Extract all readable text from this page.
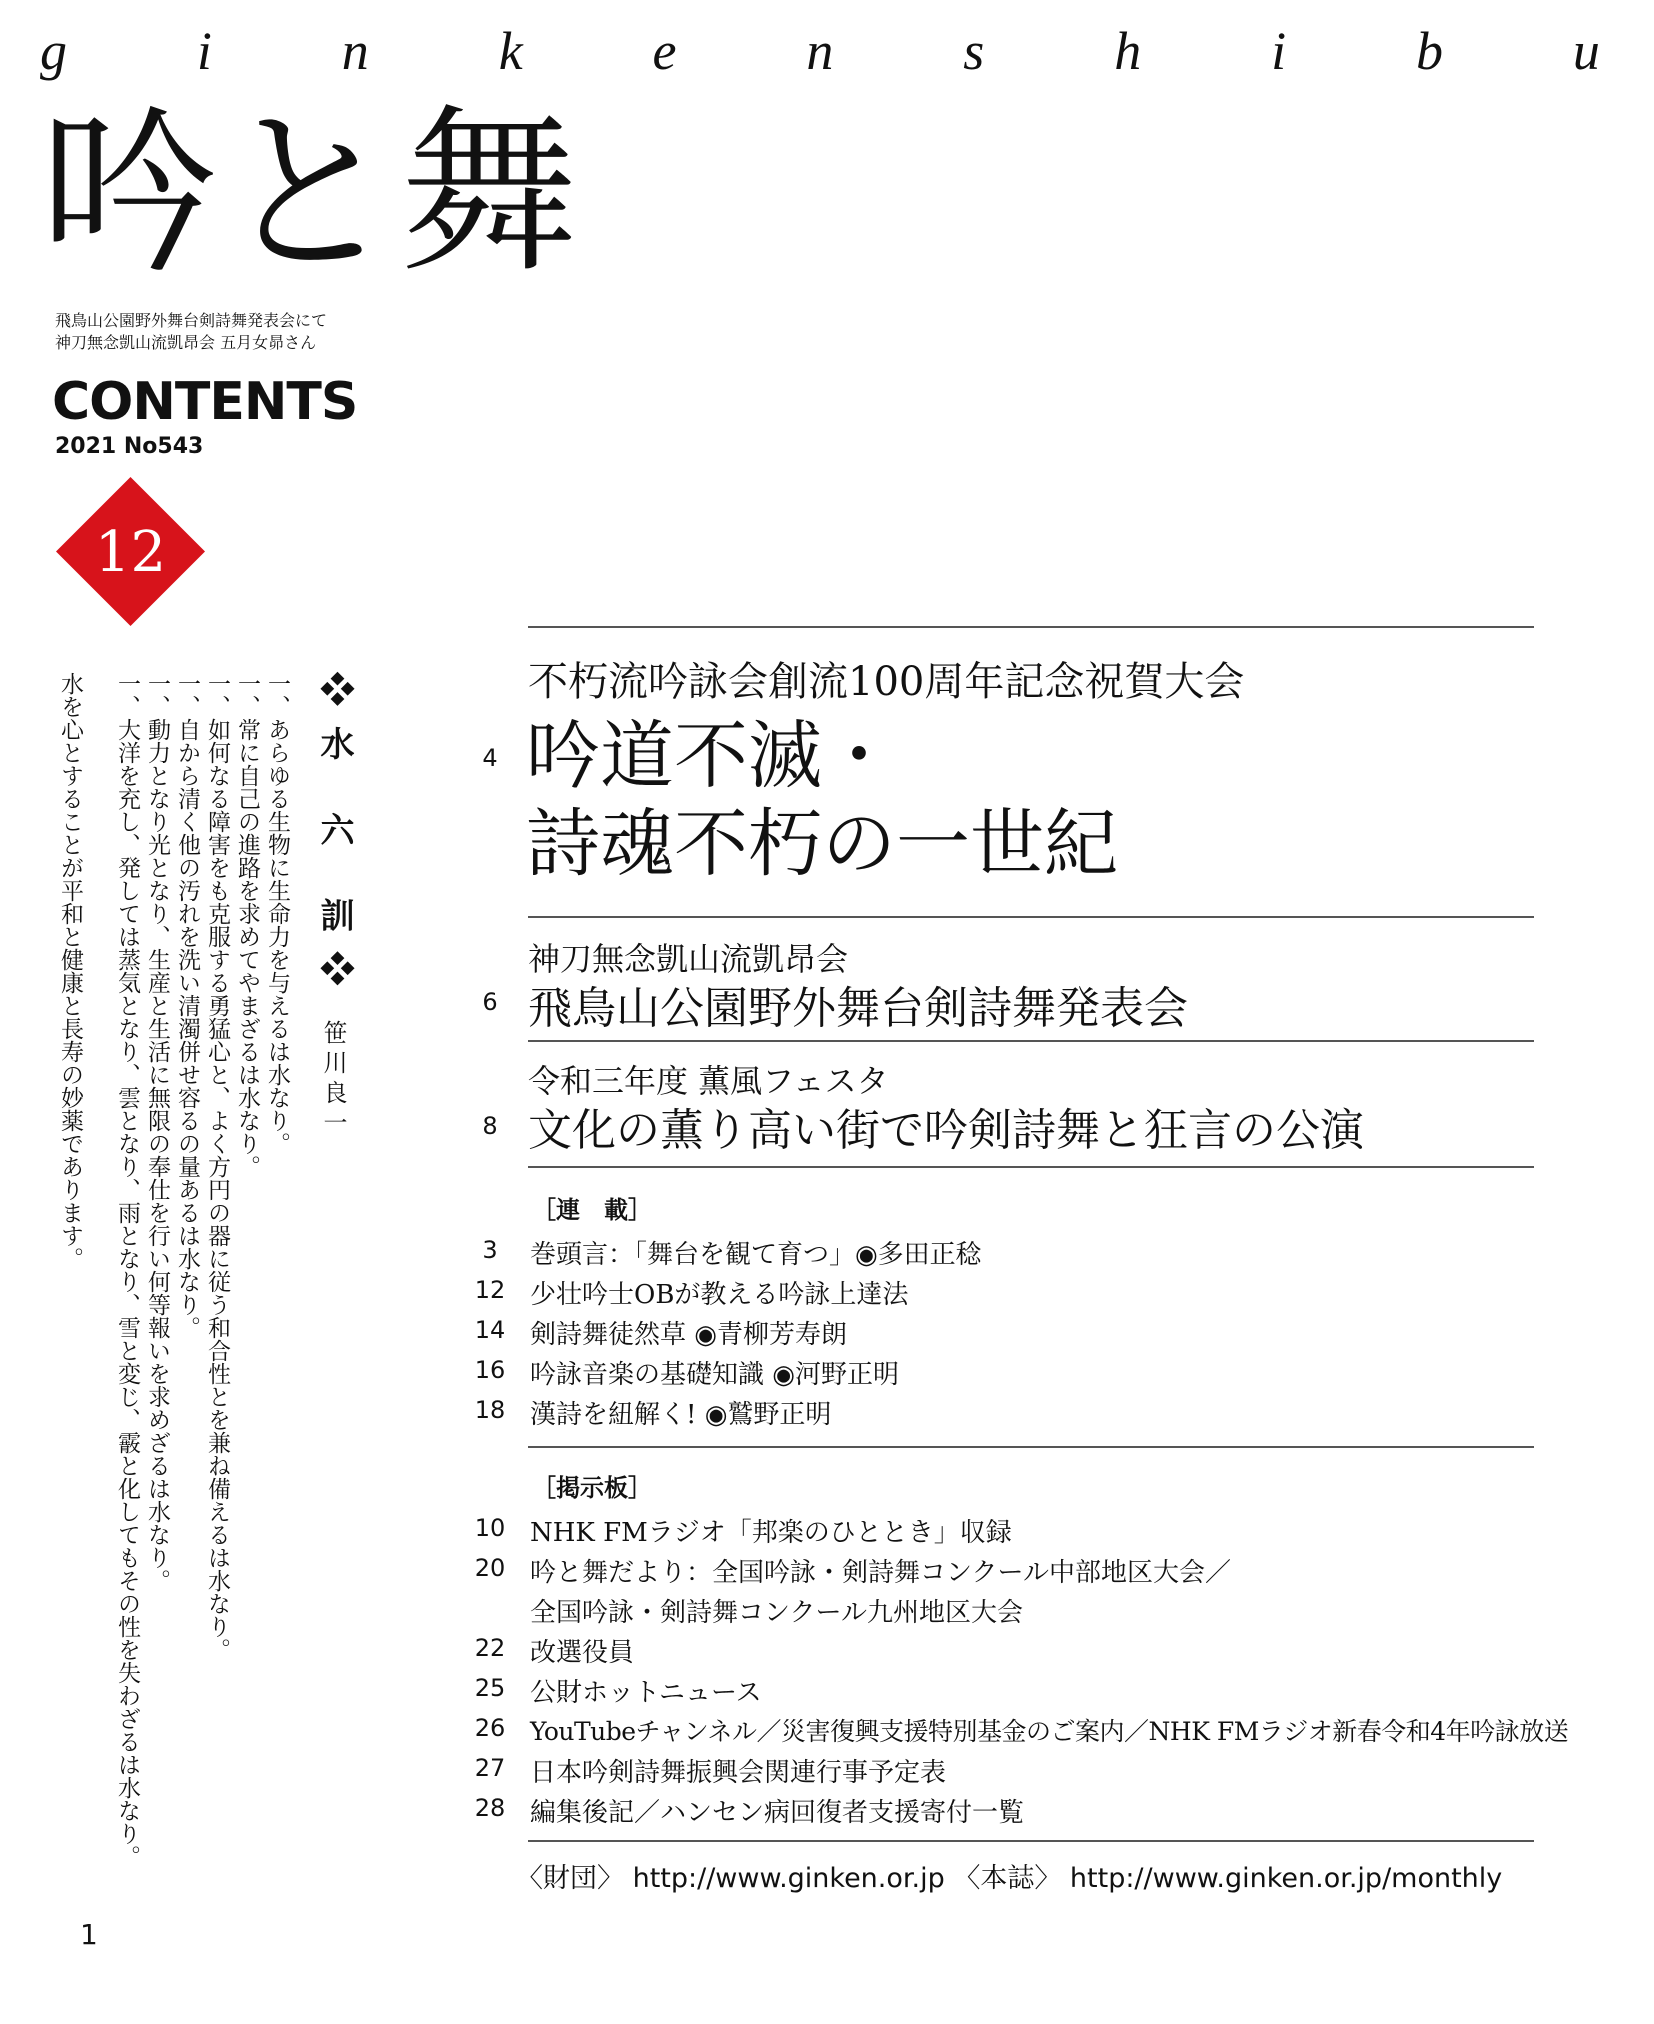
g i n k e n s h i b u
吟と舞
飛鳥山公園野外舞台剣詩舞発表会にて
神刀無念凱山流凱昂会 五月女昴さん
CONTENTS
2021 No543
12
❖水 六 訓❖
笹川良一
一、あらゆる生物に生命力を与えるは水なり。
一、常に自己の進路を求めてやまざるは水なり。
一、如何なる障害をも克服する勇猛心と、よく方円の器に従う和合性とを兼ね備えるは水なり。
一、自から清く他の汚れを洗い清濁併せ容るの量あるは水なり。
一、動力となり光となり、生産と生活に無限の奉仕を行い何等報いを求めざるは水なり。
一、大洋を充し、発しては蒸気となり、雲となり、雨となり、雪と変じ、霰と化してもその性を失わざるは水なり。
水を心とすることが平和と健康と長寿の妙薬であります。	不朽流吟詠会創流100周年記念祝賀大会
4 吟道不滅・
詩魂不朽の一世紀
神刀無念凱山流凱昂会
6 飛鳥山公園野外舞台剣詩舞発表会
令和三年度 薫風フェスタ
8 文化の薫り高い街で吟剣詩舞と狂言の公演
［連　載］
3	巻頭言：「舞台を観て育つ」◉多田正稔
12 少壮吟士OBが教える吟詠上達法
14 剣詩舞徒然草 ◉青柳芳寿朗
16 吟詠音楽の基礎知識 ◉河野正明
18 漢詩を紐解く! ◉鷲野正明
［掲示板］
10 NHK FMラジオ「邦楽のひととき」収録
20 吟と舞だより：全国吟詠・剣詩舞コンクール中部地区大会／
全国吟詠・剣詩舞コンクール九州地区大会
22 改選役員
25 公財ホットニュース
26 YouTubeチャンネル／災害復興支援特別基金のご案内／NHK FMラジオ新春令和4年吟詠放送
27 日本吟剣詩舞振興会関連行事予定表
28 編集後記／ハンセン病回復者支援寄付一覧
〈財団〉 http://www.ginken.or.jp 〈本誌〉 http://www.ginken.or.jp/monthly
1
